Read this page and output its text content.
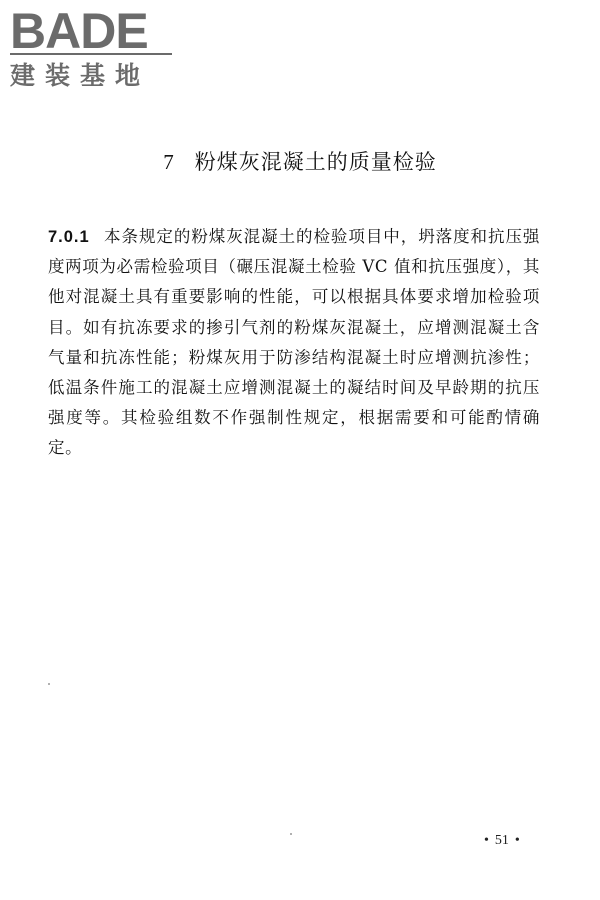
BADE
建装基地
7 粉煤灰混凝土的质量检验
7.0.1 本条规定的粉煤灰混凝土的检验项目中，坍落度和抗压强度两项为必需检验项目（碾压混凝土检验 VC 值和抗压强度），其他对混凝土具有重要影响的性能，可以根据具体要求增加检验项目。如有抗冻要求的掺引气剂的粉煤灰混凝土，应增测混凝土含气量和抗冻性能；粉煤灰用于防渗结构混凝土时应增测抗渗性；低温条件施工的混凝土应增测混凝土的凝结时间及早龄期的抗压强度等。其检验组数不作强制性规定，根据需要和可能酌情确定。
• 51 •
